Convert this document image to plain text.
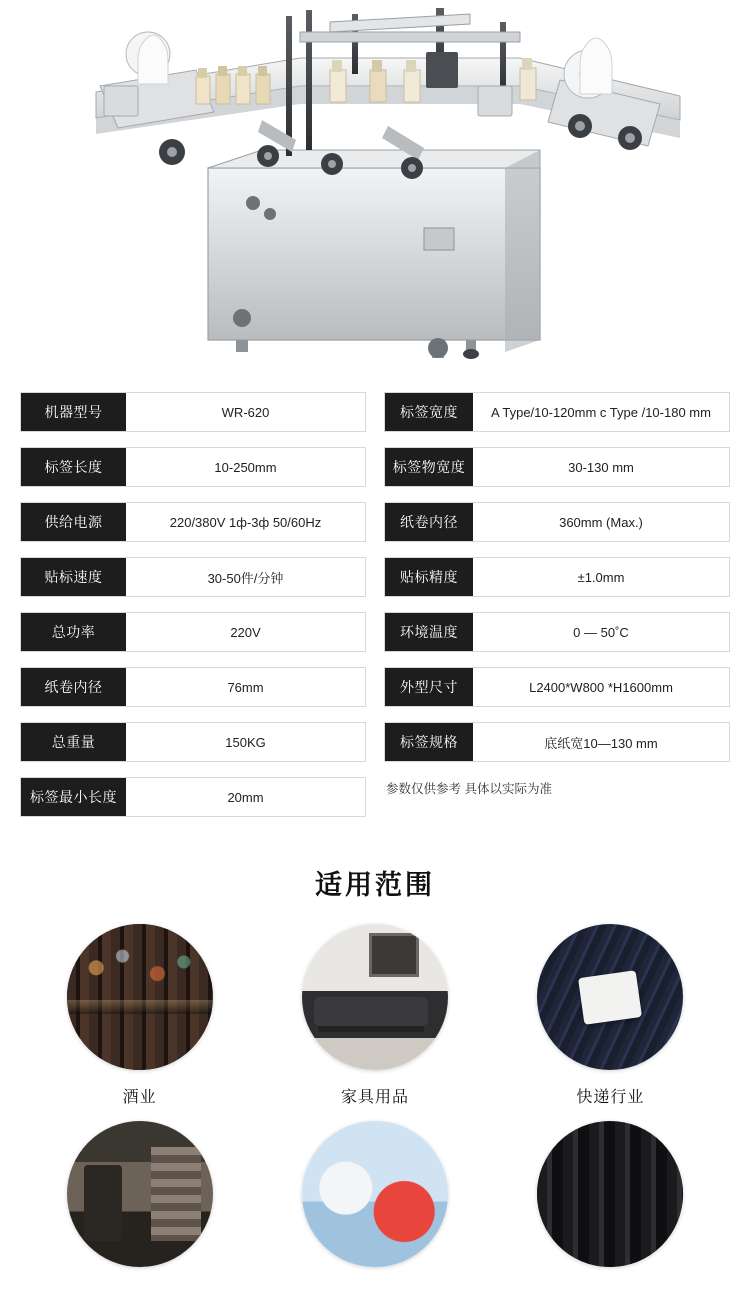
机器型号	WR-620
标签长度	10-250mm
供给电源	220/380V 1ф-3ф 50/60Hz
贴标速度	30-50件/分钟
总功率	220V
纸卷内径	76mm
总重量	150KG
标签最小长度	20mm
标签宽度	A Type/10-120mm c Type /10-180 mm
标签物宽度	30-130 mm
纸卷内径	360mm (Max.)
贴标精度	±1.0mm
环境温度	0 — 50˚C
外型尺寸	L2400*W800 *H1600mm
标签规格	底纸宽10—130 mm
参数仅供参考 具体以实际为准
适用范围
酒业	家具用品	快递行业
